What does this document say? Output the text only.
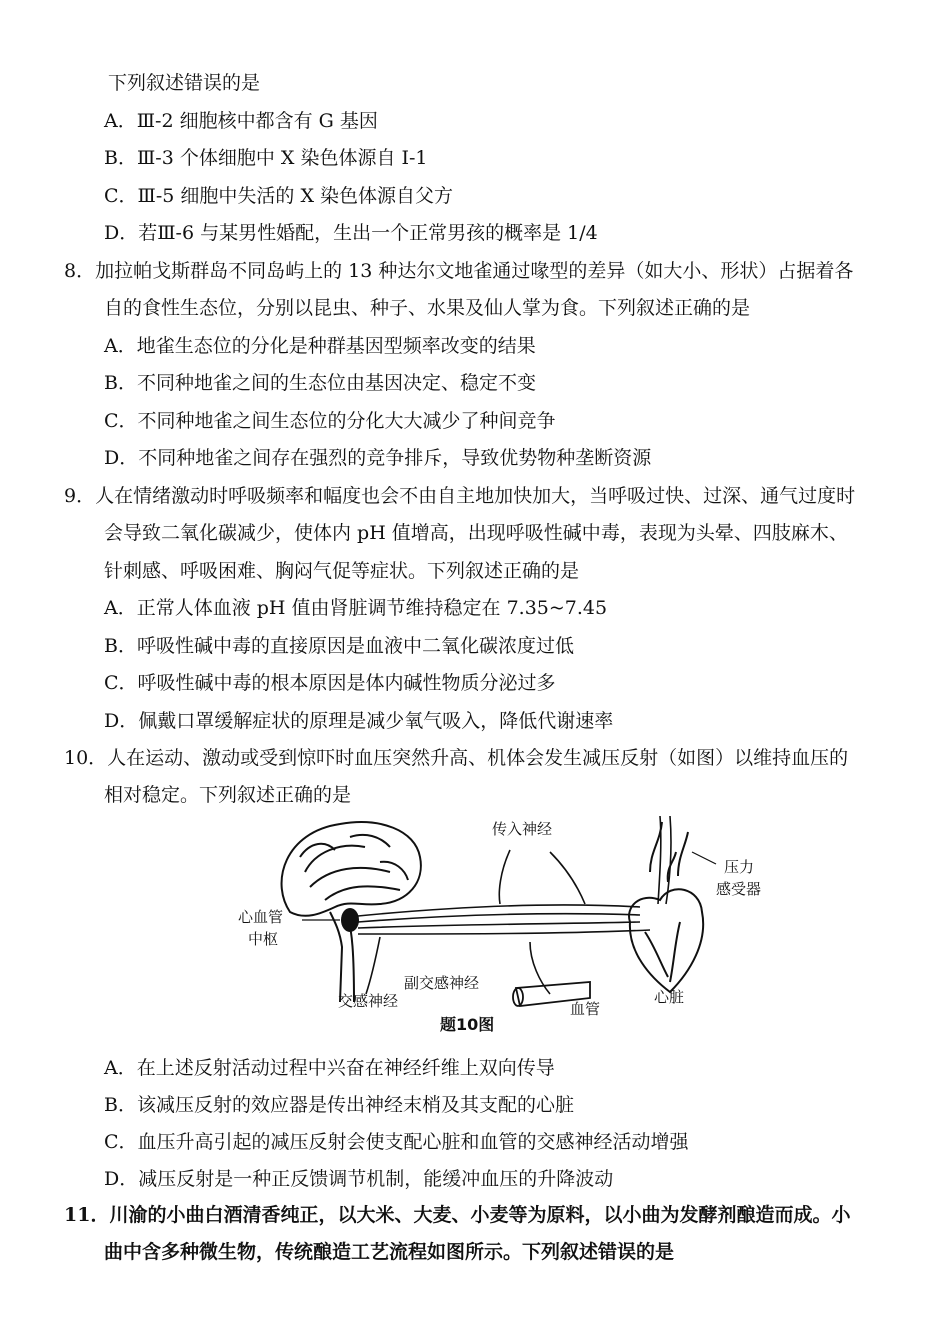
下列叙述错误的是
A．Ⅲ-2 细胞核中都含有 G 基因
B．Ⅲ-3 个体细胞中 X 染色体源自 I-1
C．Ⅲ-5 细胞中失活的 X 染色体源自父方
D．若Ⅲ-6 与某男性婚配，生出一个正常男孩的概率是 1/4
8．加拉帕戈斯群岛不同岛屿上的 13 种达尔文地雀通过喙型的差异（如大小、形状）占据着各
自的食性生态位，分别以昆虫、种子、水果及仙人掌为食。下列叙述正确的是
A．地雀生态位的分化是种群基因型频率改变的结果
B．不同种地雀之间的生态位由基因决定、稳定不变
C．不同种地雀之间生态位的分化大大减少了种间竞争
D．不同种地雀之间存在强烈的竞争排斥，导致优势物种垄断资源
9．人在情绪激动时呼吸频率和幅度也会不由自主地加快加大，当呼吸过快、过深、通气过度时
会导致二氧化碳减少，使体内 pH 值增高，出现呼吸性碱中毒，表现为头晕、四肢麻木、
针刺感、呼吸困难、胸闷气促等症状。下列叙述正确的是
A．正常人体血液 pH 值由肾脏调节维持稳定在 7.35~7.45
B．呼吸性碱中毒的直接原因是血液中二氧化碳浓度过低
C．呼吸性碱中毒的根本原因是体内碱性物质分泌过多
D．佩戴口罩缓解症状的原理是减少氧气吸入，降低代谢速率
10．人在运动、激动或受到惊吓时血压突然升高、机体会发生减压反射（如图）以维持血压的
相对稳定。下列叙述正确的是
传入神经
压力
感受器
心血管
中枢
副交感神经
交感神经	血管
心脏
题10图
A．在上述反射活动过程中兴奋在神经纤维上双向传导
B．该减压反射的效应器是传出神经末梢及其支配的心脏
C．血压升高引起的减压反射会使支配心脏和血管的交感神经活动增强
D．减压反射是一种正反馈调节机制，能缓冲血压的升降波动
11．川渝的小曲白酒清香纯正，以大米、大麦、小麦等为原料，以小曲为发酵剂酿造而成。小
曲中含多种微生物，传统酿造工艺流程如图所示。下列叙述错误的是
